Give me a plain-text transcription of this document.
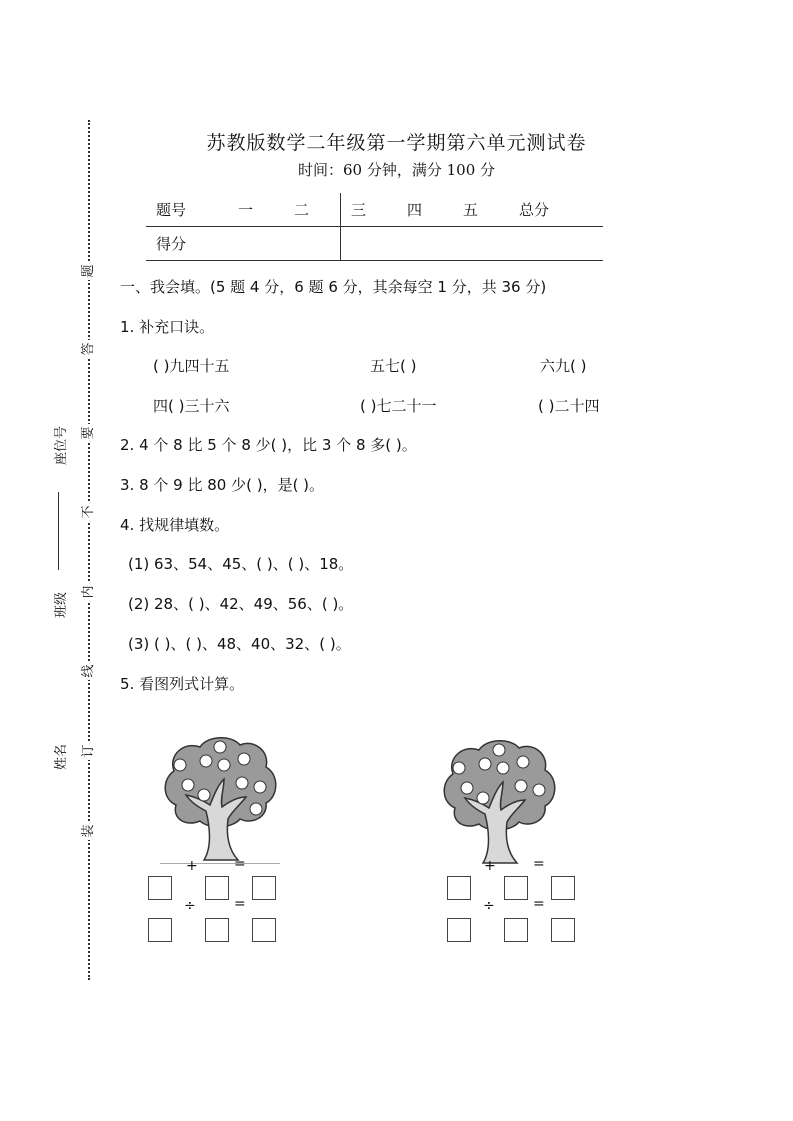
题
答
要
不
内
线
订
装
座位号
班级
姓名
苏教版数学二年级第一学期第六单元测试卷
时间：60 分钟，满分 100 分
题号	一	二	三	四	五	总分
得分						
一、我会填。(5 题 4 分，6 题 6 分，其余每空 1 分，共 36 分)
1. 补充口诀。
( )九四十五	五七( )	六九( )
四( )三十六	( )七二十一	( )二十四
2. 4 个 8 比 5 个 8 少( )，比 3 个 8 多( )。
3. 8 个 9 比 80 少( )，是( )。
4. 找规律填数。
(1) 63、54、45、( )、( )、18。
(2) 28、( )、42、49、56、( )。
(3) ( )、( )、48、40、32、( )。
5. 看图列式计算。
+	=
÷	=
+	=
÷	=
